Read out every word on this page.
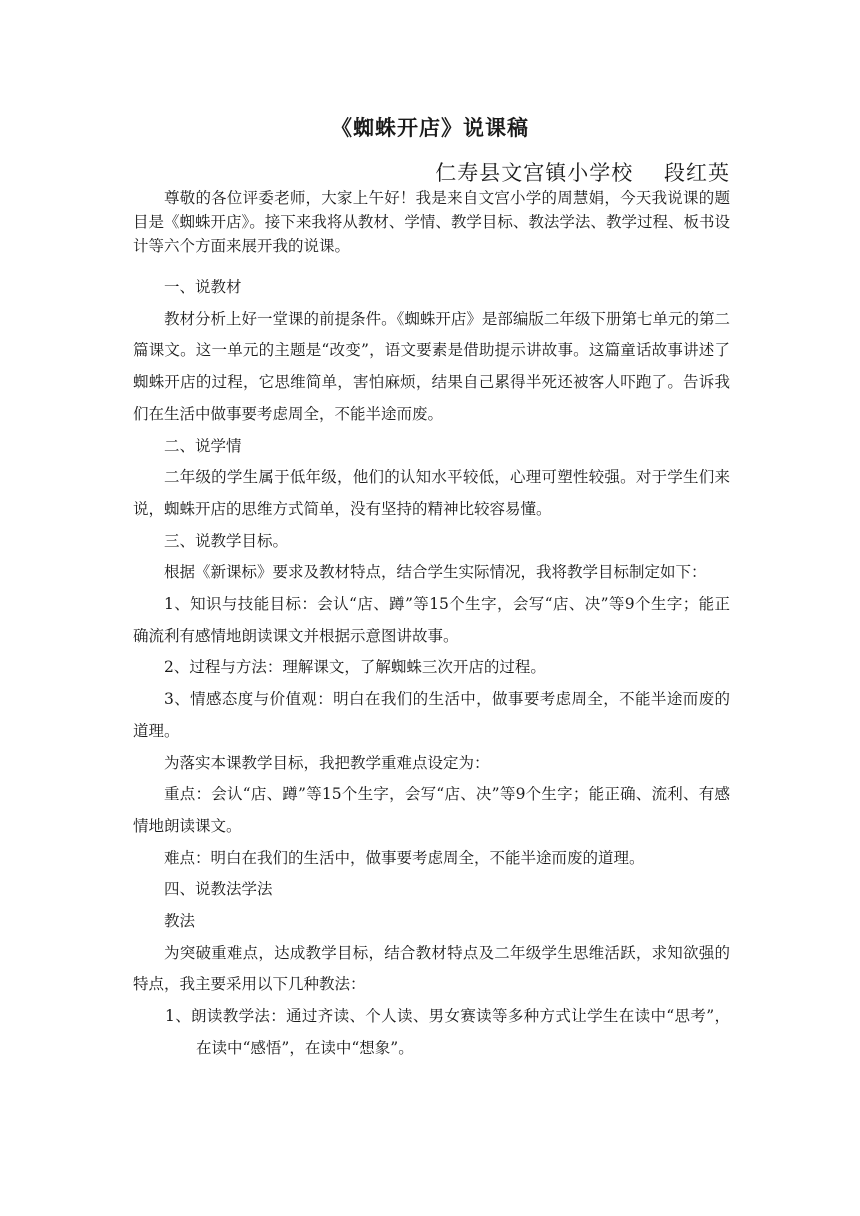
《蜘蛛开店》说课稿
仁寿县文宫镇小学校    段红英

尊敬的各位评委老师，大家上午好！我是来自文宫小学的周慧娟，今天我说课的题目是《蜘蛛开店》。接下来我将从教材、学情、教学目标、教法学法、教学过程、板书设计等六个方面来展开我的说课。

一、说教材

教材分析上好一堂课的前提条件。《蜘蛛开店》是部编版二年级下册第七单元的第二篇课文。这一单元的主题是“改变”，语文要素是借助提示讲故事。这篇童话故事讲述了蜘蛛开店的过程，它思维简单，害怕麻烦，结果自己累得半死还被客人吓跑了。告诉我们在生活中做事要考虑周全，不能半途而废。

二、说学情

二年级的学生属于低年级，他们的认知水平较低，心理可塑性较强。对于学生们来说，蜘蛛开店的思维方式简单，没有坚持的精神比较容易懂。

三、说教学目标。

根据《新课标》要求及教材特点，结合学生实际情况，我将教学目标制定如下：

1、知识与技能目标：会认“店、蹲”等15个生字，会写“店、决”等9个生字；能正确流利有感情地朗读课文并根据示意图讲故事。

2、过程与方法：理解课文，了解蜘蛛三次开店的过程。

3、情感态度与价值观：明白在我们的生活中，做事要考虑周全，不能半途而废的道理。

为落实本课教学目标，我把教学重难点设定为：

重点：会认“店、蹲”等15个生字，会写“店、决”等9个生字；能正确、流利、有感情地朗读课文。

难点：明白在我们的生活中，做事要考虑周全，不能半途而废的道理。

四、说教法学法

教法

为突破重难点，达成教学目标，结合教材特点及二年级学生思维活跃，求知欲强的特点，我主要采用以下几种教法：

1、朗读教学法：通过齐读、个人读、男女赛读等多种方式让学生在读中“思考”，在读中“感悟”，在读中“想象”。
